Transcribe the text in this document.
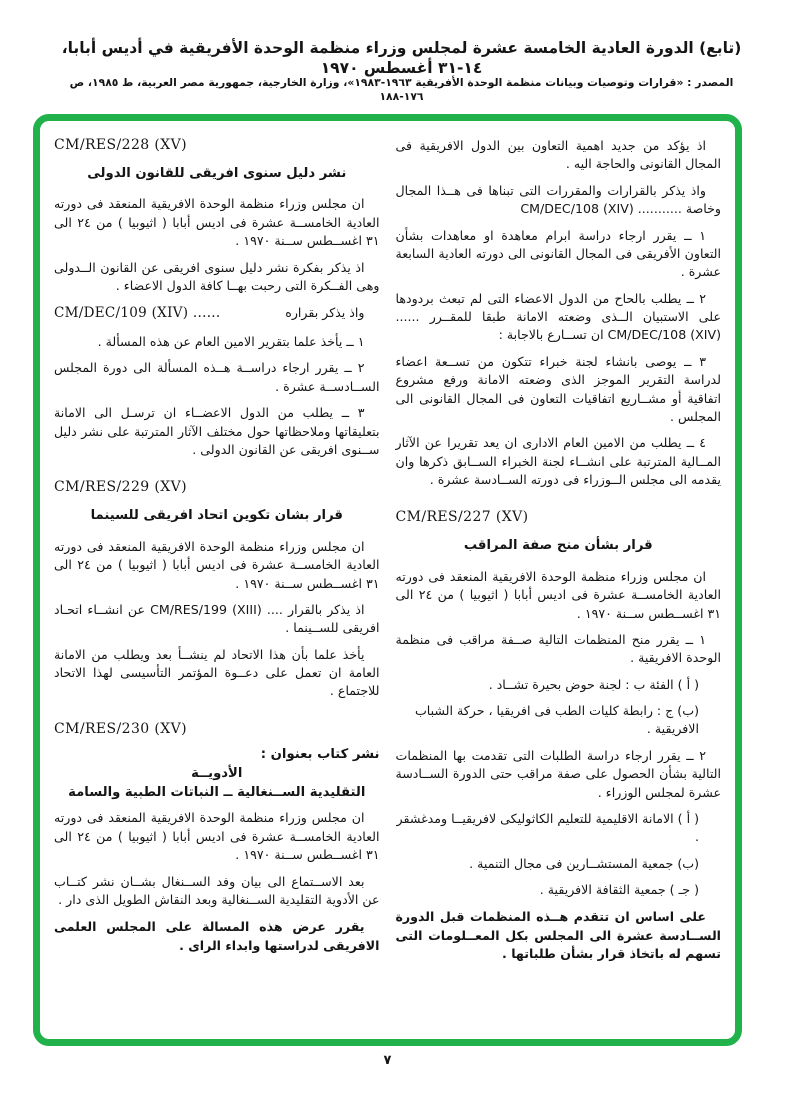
(تابع) الدورة العادية الخامسة عشرة لمجلس وزراء منظمة الوحدة الأفريقية في أديس أبابا، ١٤-٣١ أغسطس ١٩٧٠
المصدر : «قرارات وتوصيات وبيانات منظمة الوحدة الأفريقية ١٩٦٣-١٩٨٣»، وزارة الخارجية، جمهورية مصر العربية، ط ١٩٨٥، ص ١٧٦-١٨٨
اذ يؤكد من جديد اهمية التعاون بين الدول الافريقية فى المجال القانونى والحاجة اليه .
واذ يذكر بالقرارات والمقررات التى تبناها فى هــذا المجال وخاصة ........... CM/DEC/108 (XIV)
١ ــ يقرر ارجاء دراسة ابرام معاهدة او معاهدات بشأن التعاون الأفريقى فى المجال القانونى الى دورته العادية السابعة عشرة .
٢ ــ يطلب بالحاح من الدول الاعضاء التى لم تبعث بردودها على الاستبيان الــذى وضعته الامانة طبقا للمقــرر ...... CM/DEC/108 (XIV) ان تســارع بالاجابة :
٣ ــ يوصى بانشاء لجنة خبراء تتكون من تســعة اعضاء لدراسة التقرير الموجز الذى وضعته الامانة ورفع مشروع اتفاقية أو مشــاريع اتفاقيات التعاون فى المجال القانونى الى المجلس .
٤ ــ يطلب من الامين العام الادارى ان يعد تقريرا عن الآثار المــالية المترتبة على انشــاء لجنة الخبراء الســابق ذكرها وان يقدمه الى مجلس الــوزراء فى دورته الســادسة عشرة .
CM/RES/227 (XV)
قرار بشأن منح صفة المراقب
ان مجلس وزراء منظمة الوحدة الافريقية المنعقد فى دورته العادية الخامســة عشرة فى اديس أبابا ( اثيوبيا ) من ٢٤ الى ٣١ اغســطس ســنة ١٩٧٠ .
١ ــ يقرر منح المنظمات التالية صــفة مراقب فى منظمة الوحدة الافريقية .
( أ ) الفئة ب : لجنة حوض بحيرة تشــاد .
(ب) ج : رابطة كليات الطب فى افريقيا ، حركة الشباب الافريقية .
٢ ــ يقرر ارجاء دراسة الطلبات التى تقدمت بها المنظمات التالية بشأن الحصول على صفة مراقب حتى الدورة الســادسة عشرة لمجلس الوزراء .
( أ ) الامانة الاقليمية للتعليم الكاثوليكى لافريقيــا ومدغشقر .
(ب) جمعية المستشــارين فى مجال التنمية .
( جـ ) جمعية الثقافة الافريقية .
على اساس ان تتقدم هــذه المنظمات قبل الدورة الســادسة عشرة الى المجلس بكل المعــلومات التى تسهم له باتخاذ قرار بشأن طلباتها .
CM/RES/228 (XV)
نشر دليل سنوى افريقى للقانون الدولى
ان مجلس وزراء منظمة الوحدة الافريقية المنعقد فى دورته العادية الخامســة عشرة فى اديس أبابا ( اثيوبيا ) من ٢٤ الى ٣١ اغســطس ســنة ١٩٧٠ .
اذ يذكر بفكرة نشر دليل سنوى افريقى عن القانون الــدولى وهى الفــكرة التى رحبت بهــا كافة الدول الاعضاء .
واذ يذكر بقراره
CM/DEC/109 (XIV) ......
١ ــ يأخذ علما بتقرير الامين العام عن هذه المسألة .
٢ ــ يقرر ارجاء دراســة هــذه المسألة الى دورة المجلس الســادســة عشرة .
٣ ــ يطلب من الدول الاعضــاء ان ترسـل الى الامانة بتعليقاتها وملاحظاتها حول مختلف الآثار المترتبة على نشر دليل ســنوى افريقى عن القانون الدولى .
CM/RES/229 (XV)
قرار بشان تكوين اتحاد افريقى للسينما
ان مجلس وزراء منظمة الوحدة الافريقية المنعقد فى دورته العادية الخامســة عشرة فى اديس أبابا ( اثيوبيا ) من ٢٤ الى ٣١ اغســطس ســنة ١٩٧٠ .
اذ يذكر بالقرار .... CM/RES/199 (XIII) عن انشــاء اتحـاد افريقى للســينما .
يأخذ علما بأن هذا الاتحاد لم ينشــأ بعد ويطلب من الامانة العامة ان تعمل على دعــوة المؤتمر التأسيسى لهذا الاتحاد للاجتماع .
CM/RES/230 (XV)
نشر كتاب بعنوان :
الأدويــة
التقليدية الســنغالية ــ النباتات الطبية والسامة
ان مجلس وزراء منظمة الوحدة الافريقية المنعقد فى دورته العادية الخامســة عشرة فى اديس أبابا ( اثيوبيا ) من ٢٤ الى ٣١ اغســطس ســنة ١٩٧٠ .
بعد الاســتماع الى بيان وفد الســنغال بشــان نشر كتــاب عن الأدوية التقليدية الســنغالية وبعد النقاش الطويل الذى دار .
يقرر عرض هذه المسالة على المجلس العلمى الافريقى لدراستها وابداء الراى .
٧
